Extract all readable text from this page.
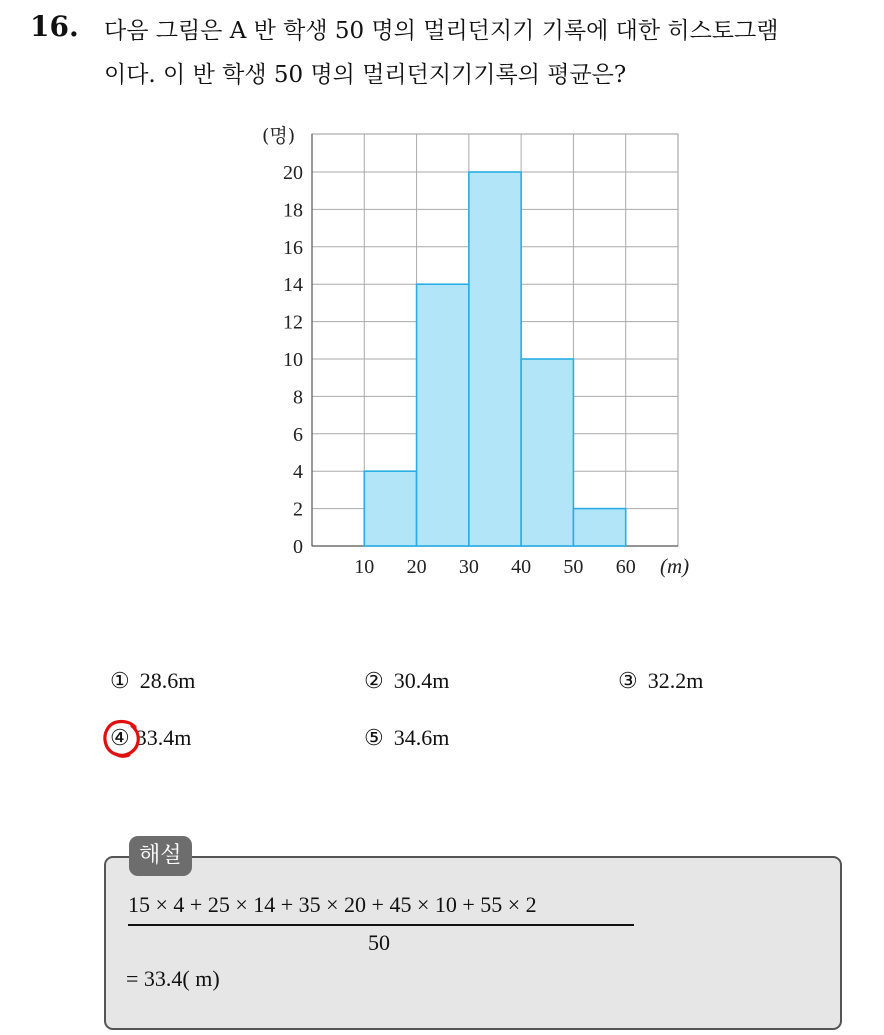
16. 다음 그림은 A 반 학생 50 명의 멀리던지기 기록에 대한 히스토그램
이다. 이 반 학생 50 명의 멀리던지기기록의 평균은?
0
2
4
6
8
10
12
14
16
18
20
10 20 30 40 50 60
(명)
(m)
① 28.6m	② 30.4m	③ 32.2m
④ 33.4m	⑤ 34.6m
해설
15 × 4 + 25 × 14 + 35 × 20 + 45 × 10 + 55 × 2
50
= 33.4( m)
